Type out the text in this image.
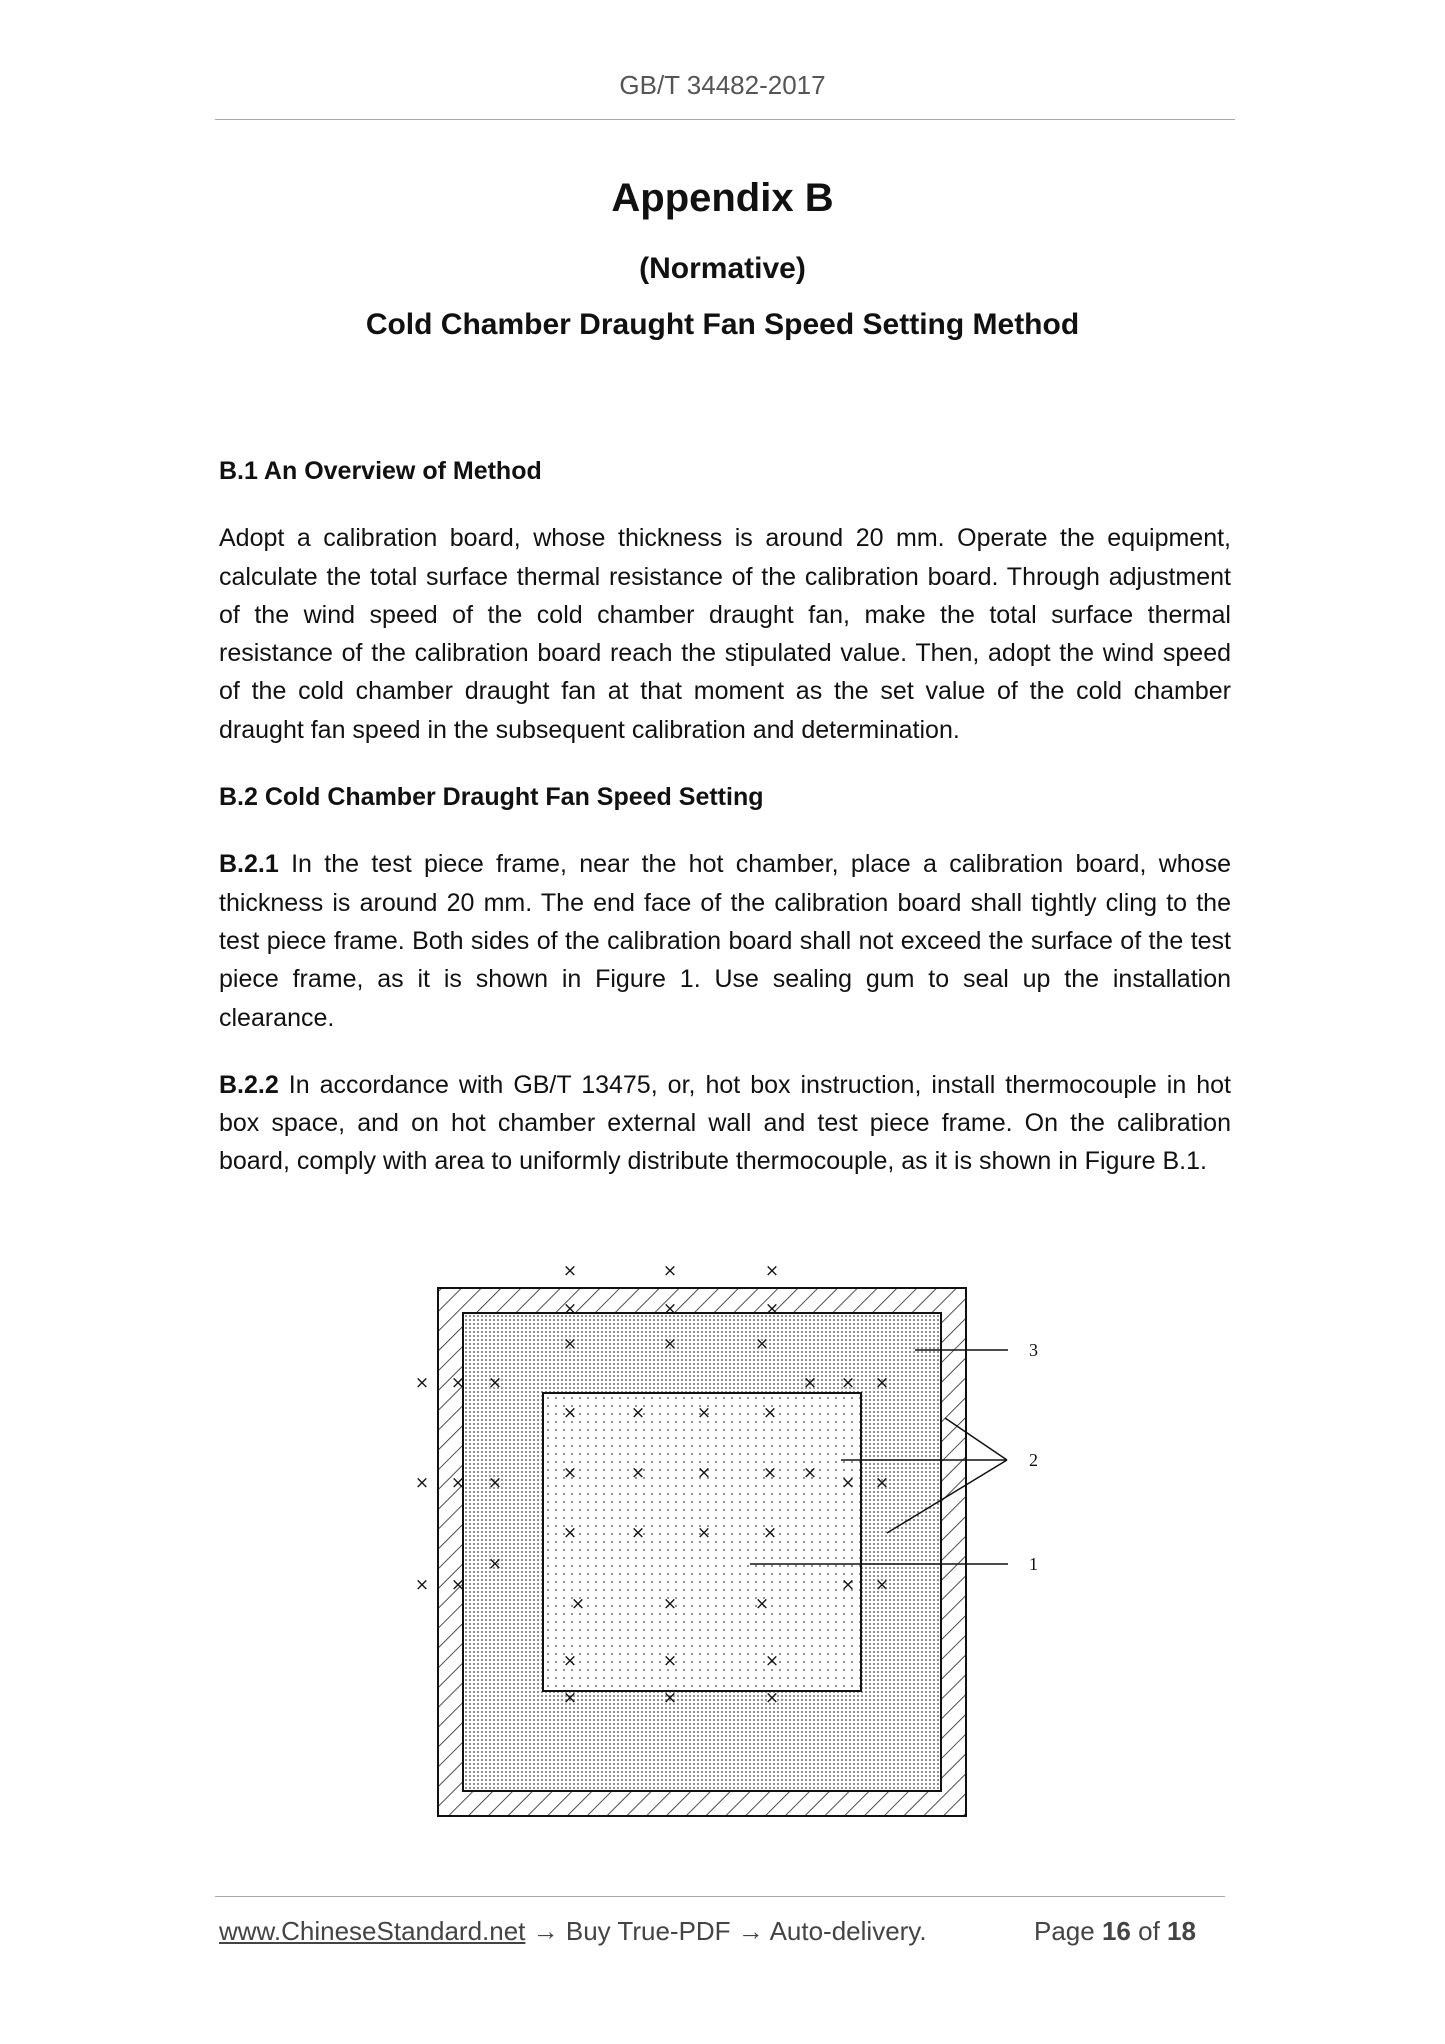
GB/T 34482-2017
Appendix B
(Normative)
Cold Chamber Draught Fan Speed Setting Method
B.1 An Overview of Method
Adopt a calibration board, whose thickness is around 20 mm. Operate the equipment, calculate the total surface thermal resistance of the calibration board. Through adjustment of the wind speed of the cold chamber draught fan, make the total surface thermal resistance of the calibration board reach the stipulated value. Then, adopt the wind speed of the cold chamber draught fan at that moment as the set value of the cold chamber draught fan speed in the subsequent calibration and determination.
B.2 Cold Chamber Draught Fan Speed Setting
B.2.1 In the test piece frame, near the hot chamber, place a calibration board, whose thickness is around 20 mm. The end face of the calibration board shall tightly cling to the test piece frame. Both sides of the calibration board shall not exceed the surface of the test piece frame, as it is shown in Figure 1. Use sealing gum to seal up the installation clearance.
B.2.2 In accordance with GB/T 13475, or, hot box instruction, install thermocouple in hot box space, and on hot chamber external wall and test piece frame. On the calibration board, comply with area to uniformly distribute thermocouple, as it is shown in Figure B.1.
×	×	×
×	×	×
×	×	×
× × ×	× × ×
×	×	×	×
× × ×	×	×	×	× × × ×
×	×	×	×
×
× ×	× ×
×	×	×
×	×	×
×	×	×
3
2
1
www.ChineseStandard.net → Buy True-PDF → Auto-delivery.	Page 16 of 18
